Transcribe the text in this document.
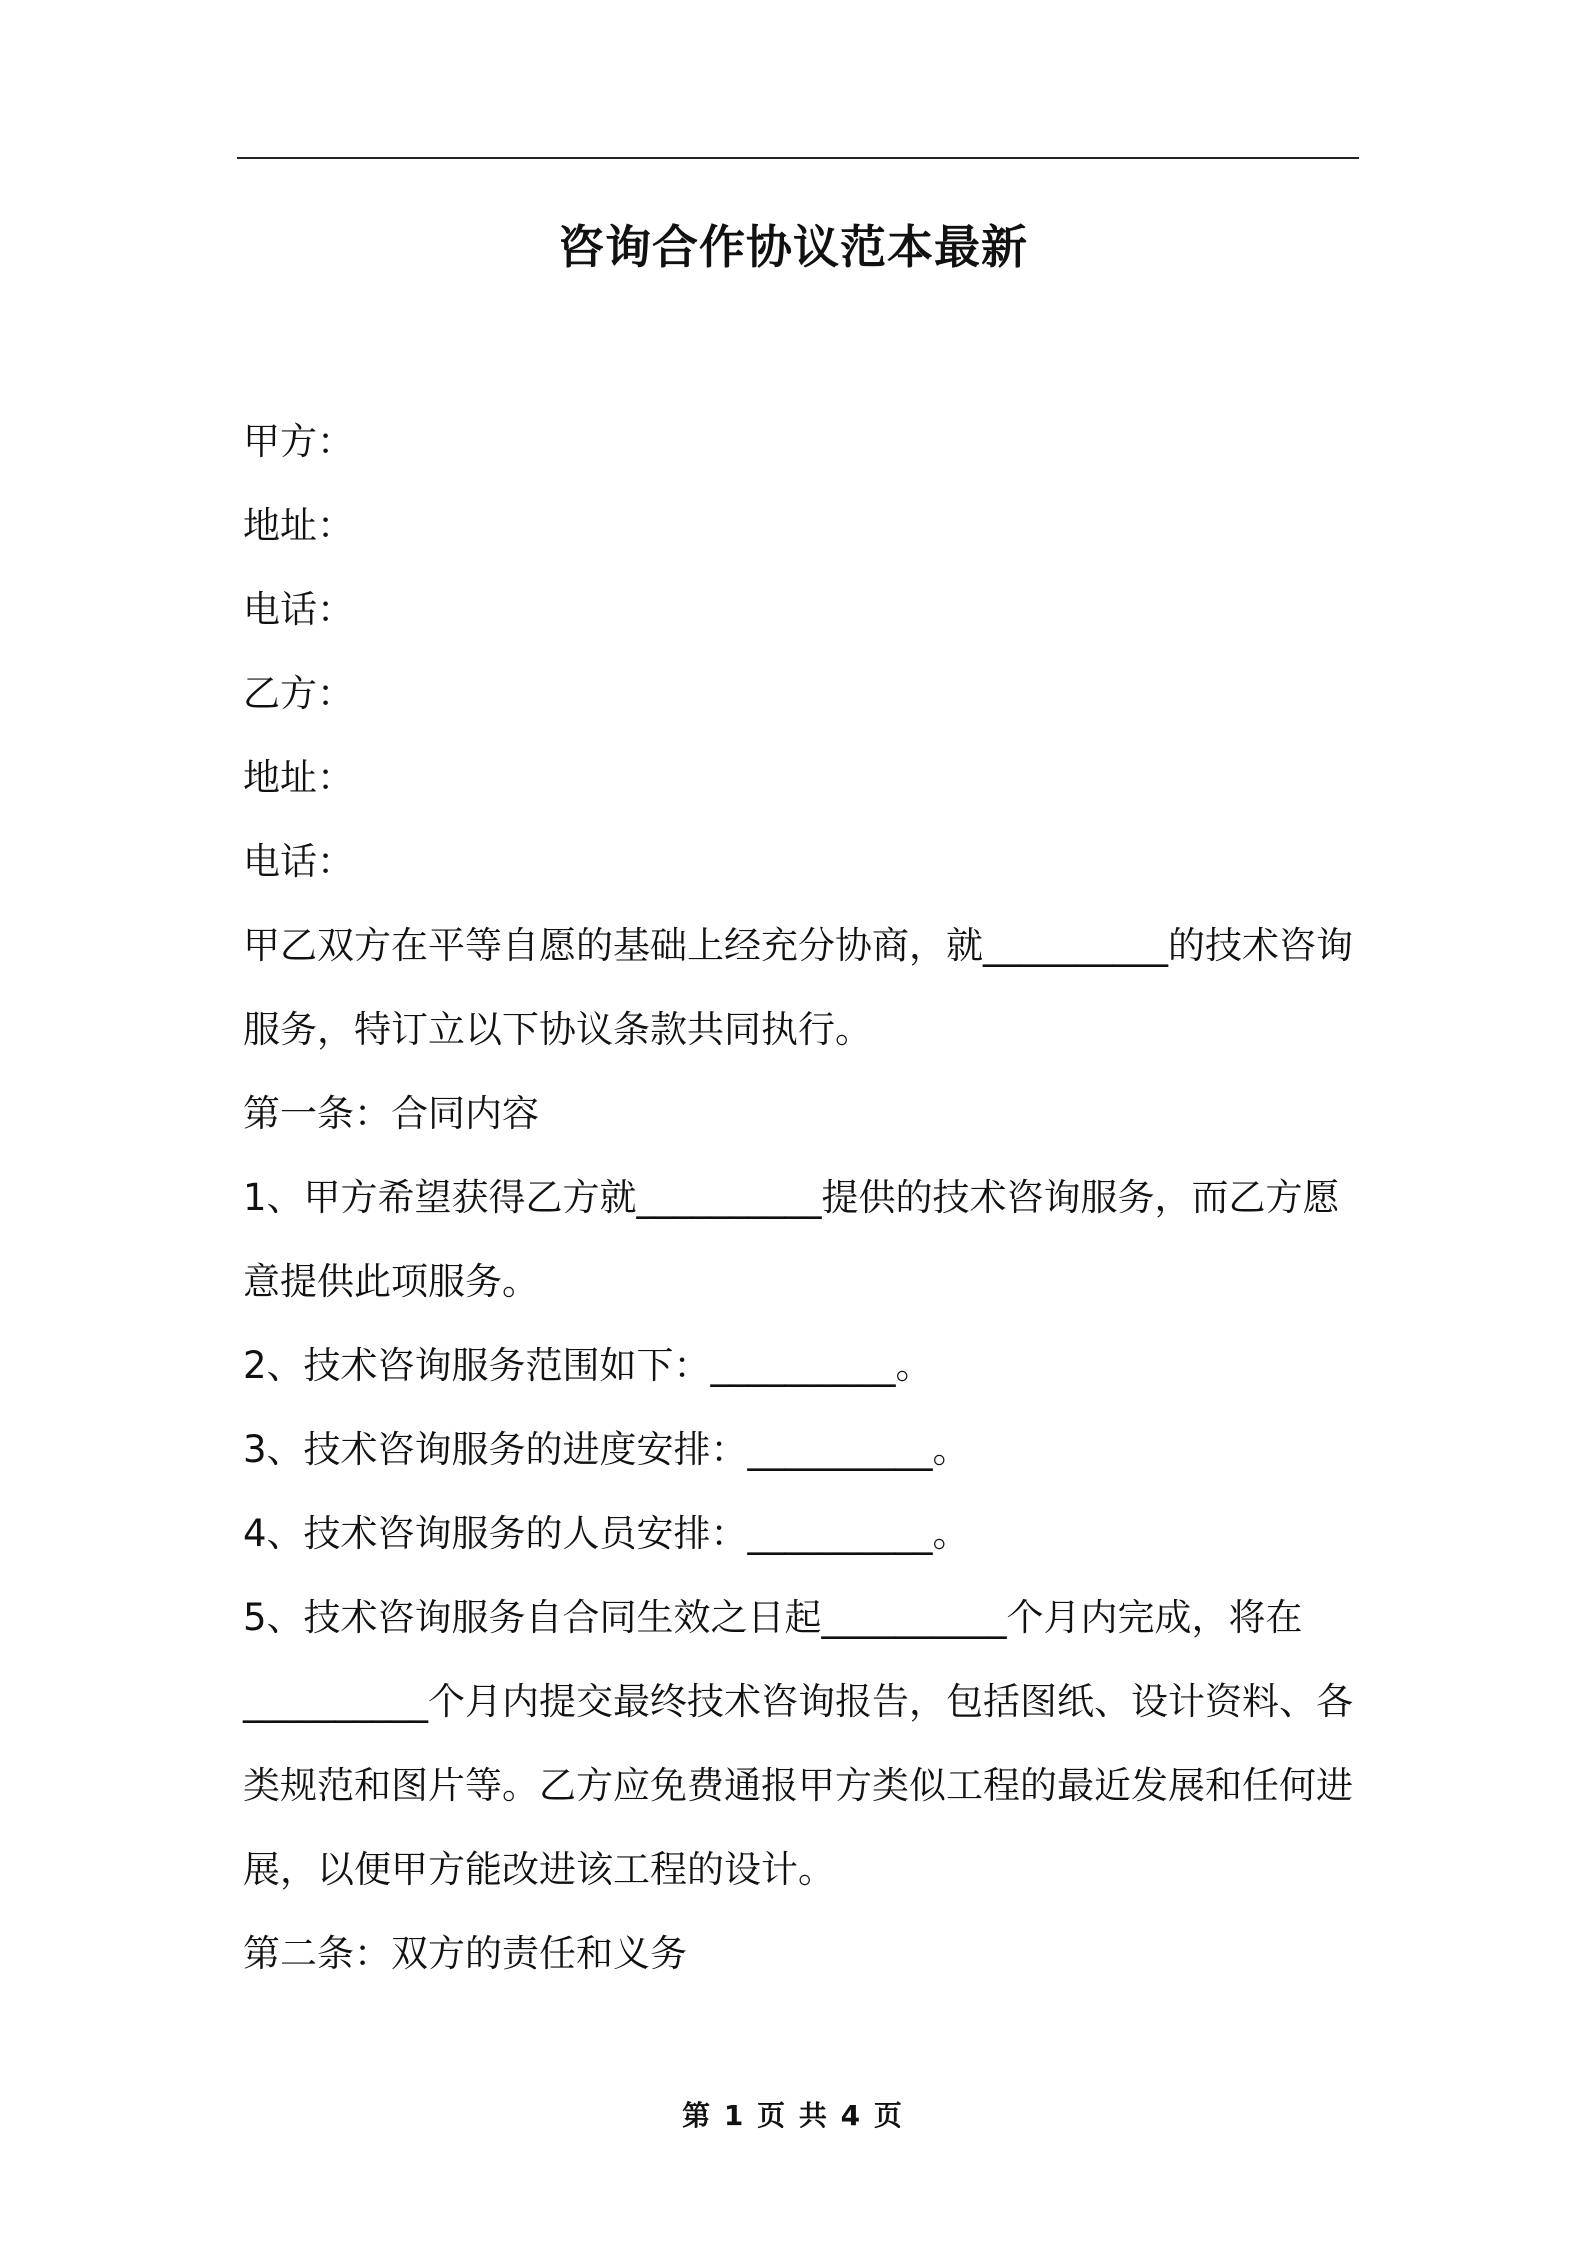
咨询合作协议范本最新
甲方：
地址：
电话：
乙方：
地址：
电话：
甲乙双方在平等自愿的基础上经充分协商，就__________的技术咨询
服务，特订立以下协议条款共同执行。
第一条：合同内容
1、甲方希望获得乙方就__________提供的技术咨询服务，而乙方愿
意提供此项服务。
2、技术咨询服务范围如下：__________。
3、技术咨询服务的进度安排：__________。
4、技术咨询服务的人员安排：__________。
5、技术咨询服务自合同生效之日起__________个月内完成，将在
__________个月内提交最终技术咨询报告，包括图纸、设计资料、各
类规范和图片等。乙方应免费通报甲方类似工程的最近发展和任何进
展，以便甲方能改进该工程的设计。
第二条：双方的责任和义务
第 1 页 共 4 页
